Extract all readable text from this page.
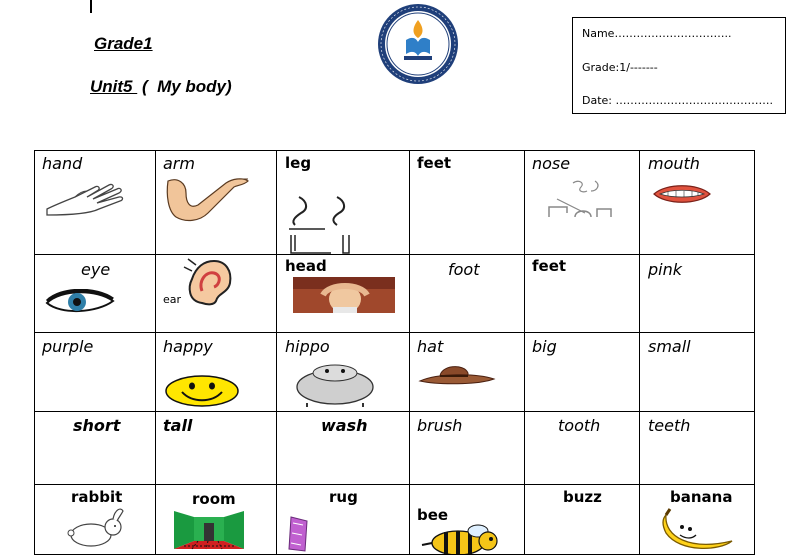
Grade1
Unit5  (  My body)
Name…………………………..
Grade:1/-------
Date: …………………………………….
hand	arm	leg	feet	nose	mouth

eye	ear	head	foot	feet	pink

purple	happy	hippo	hat	big	small

short	tall	wash	brush	tooth	teeth

rabbit	room	rug	bee	buzz	banana
